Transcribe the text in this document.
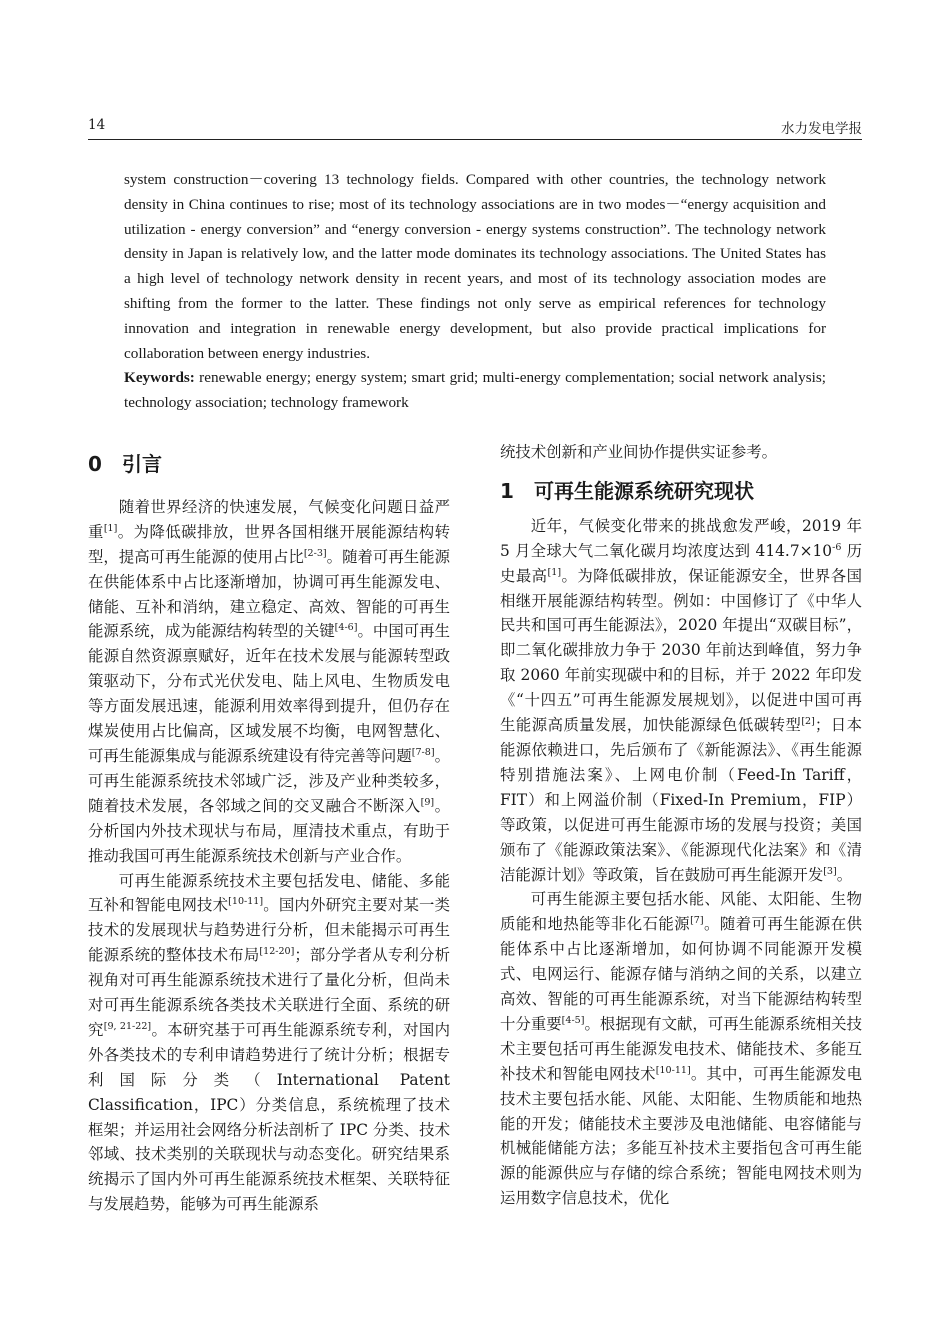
14	水力发电学报

system construction－covering 13 technology fields. Compared with other countries, the technology network density in China continues to rise; most of its technology associations are in two modes－“energy acquisition and utilization - energy conversion” and “energy conversion - energy systems construction”. The technology network density in Japan is relatively low, and the latter mode dominates its technology associations. The United States has a high level of technology network density in recent years, and most of its technology association modes are shifting from the former to the latter. These findings not only serve as empirical references for technology innovation and integration in renewable energy development, but also provide practical implications for collaboration between energy industries.

Keywords: renewable energy; energy system; smart grid; multi-energy complementation; social network analysis; technology association; technology framework

0 引言

随着世界经济的快速发展，气候变化问题日益严重[1]。为降低碳排放，世界各国相继开展能源结构转型，提高可再生能源的使用占比[2-3]。随着可再生能源在供能体系中占比逐渐增加，协调可再生能源发电、储能、互补和消纳，建立稳定、高效、智能的可再生能源系统，成为能源结构转型的关键[4-6]。中国可再生能源自然资源禀赋好，近年在技术发展与能源转型政策驱动下，分布式光伏发电、陆上风电、生物质发电等方面发展迅速，能源利用效率得到提升，但仍存在煤炭使用占比偏高，区域发展不均衡，电网智慧化、可再生能源集成与能源系统建设有待完善等问题[7-8]。可再生能源系统技术邻域广泛，涉及产业种类较多，随着技术发展，各邻域之间的交叉融合不断深入[9]。分析国内外技术现状与布局，厘清技术重点，有助于推动我国可再生能源系统技术创新与产业合作。

可再生能源系统技术主要包括发电、储能、多能互补和智能电网技术[10-11]。国内外研究主要对某一类技术的发展现状与趋势进行分析，但未能揭示可再生能源系统的整体技术布局[12-20]；部分学者从专利分析视角对可再生能源系统技术进行了量化分析，但尚未对可再生能源系统各类技术关联进行全面、系统的研究[9, 21-22]。本研究基于可再生能源系统专利，对国内外各类技术的专利申请趋势进行了统计分析；根据专利国际分类（International Patent Classification，IPC）分类信息，系统梳理了技术框架；并运用社会网络分析法剖析了 IPC 分类、技术邻域、技术类别的关联现状与动态变化。研究结果系统揭示了国内外可再生能源系统技术框架、关联特征与发展趋势，能够为可再生能源系

统技术创新和产业间协作提供实证参考。

1 可再生能源系统研究现状

近年，气候变化带来的挑战愈发严峻，2019 年 5 月全球大气二氧化碳月均浓度达到 $414.7\times 10^{-6}$ 历史最高[1]。为降低碳排放，保证能源安全，世界各国相继开展能源结构转型。例如：中国修订了《中华人民共和国可再生能源法》，2020 年提出“双碳目标”，即二氧化碳排放力争于 2030 年前达到峰值，努力争取 2060 年前实现碳中和的目标，并于 2022 年印发《“十四五”可再生能源发展规划》，以促进中国可再生能源高质量发展，加快能源绿色低碳转型[2]；日本能源依赖进口，先后颁布了《新能源法》、《再生能源特别措施法案》、上网电价制（Feed-In Tariff，FIT）和上网溢价制（Fixed-In Premium，FIP）等政策，以促进可再生能源市场的发展与投资；美国颁布了《能源政策法案》、《能源现代化法案》和《清洁能源计划》等政策，旨在鼓励可再生能源开发[3]。

可再生能源主要包括水能、风能、太阳能、生物质能和地热能等非化石能源[7]。随着可再生能源在供能体系中占比逐渐增加，如何协调不同能源开发模式、电网运行、能源存储与消纳之间的关系，以建立高效、智能的可再生能源系统，对当下能源结构转型十分重要[4-5]。根据现有文献，可再生能源系统相关技术主要包括可再生能源发电技术、储能技术、多能互补技术和智能电网技术[10-11]。其中，可再生能源发电技术主要包括水能、风能、太阳能、生物质能和地热能的开发；储能技术主要涉及电池储能、电容储能与机械能储能方法；多能互补技术主要指包含可再生能源的能源供应与存储的综合系统；智能电网技术则为运用数字信息技术，优化
